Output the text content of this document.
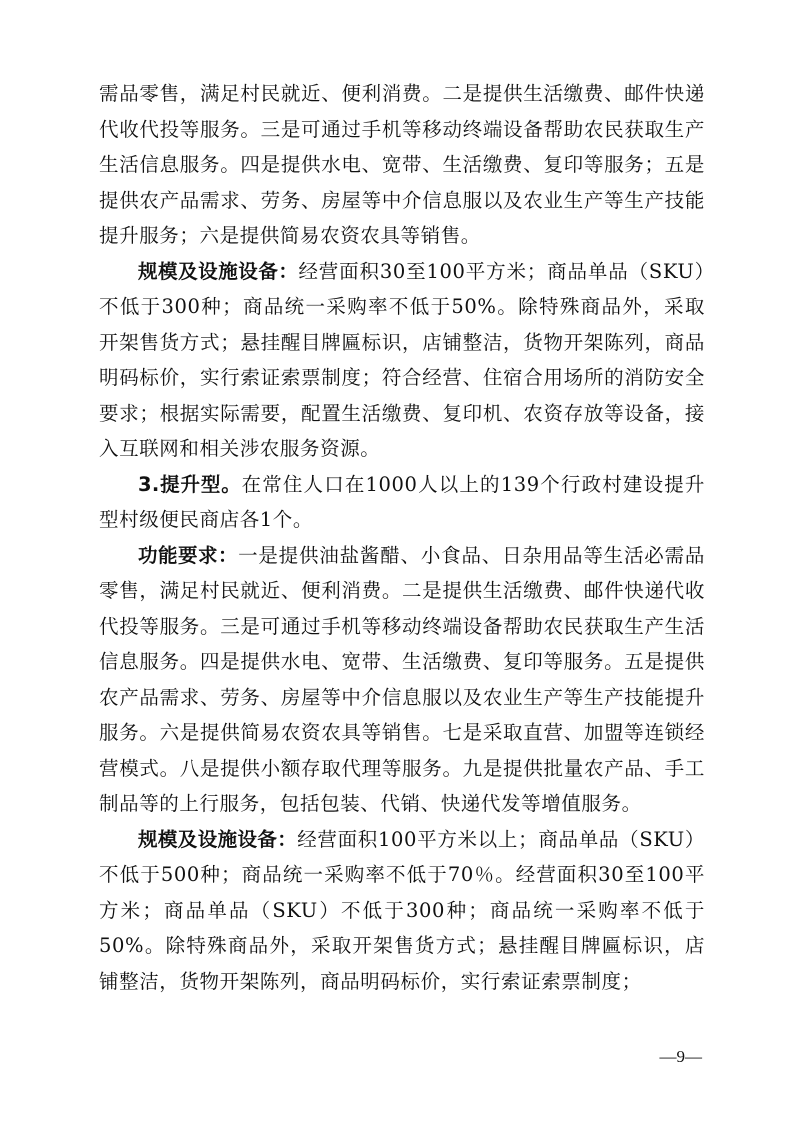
需品零售，满足村民就近、便利消费。二是提供生活缴费、邮件快递代收代投等服务。三是可通过手机等移动终端设备帮助农民获取生产生活信息服务。四是提供水电、宽带、生活缴费、复印等服务；五是提供农产品需求、劳务、房屋等中介信息服以及农业生产等生产技能提升服务；六是提供简易农资农具等销售。

规模及设施设备：经营面积30至100平方米；商品单品（SKU）不低于300种；商品统一采购率不低于50%。除特殊商品外，采取开架售货方式；悬挂醒目牌匾标识，店铺整洁，货物开架陈列，商品明码标价，实行索证索票制度；符合经营、住宿合用场所的消防安全要求；根据实际需要，配置生活缴费、复印机、农资存放等设备，接入互联网和相关涉农服务资源。

3.提升型。在常住人口在1000人以上的139个行政村建设提升型村级便民商店各1个。

功能要求：一是提供油盐酱醋、小食品、日杂用品等生活必需品零售，满足村民就近、便利消费。二是提供生活缴费、邮件快递代收代投等服务。三是可通过手机等移动终端设备帮助农民获取生产生活信息服务。四是提供水电、宽带、生活缴费、复印等服务。五是提供农产品需求、劳务、房屋等中介信息服以及农业生产等生产技能提升服务。六是提供简易农资农具等销售。七是采取直营、加盟等连锁经营模式。八是提供小额存取代理等服务。九是提供批量农产品、手工制品等的上行服务，包括包装、代销、快递代发等增值服务。

规模及设施设备：经营面积100平方米以上；商品单品（SKU）不低于500种；商品统一采购率不低于70％。经营面积30至100平方米；商品单品（SKU）不低于300种；商品统一采购率不低于50%。除特殊商品外，采取开架售货方式；悬挂醒目牌匾标识，店铺整洁，货物开架陈列，商品明码标价，实行索证索票制度；

—9—
